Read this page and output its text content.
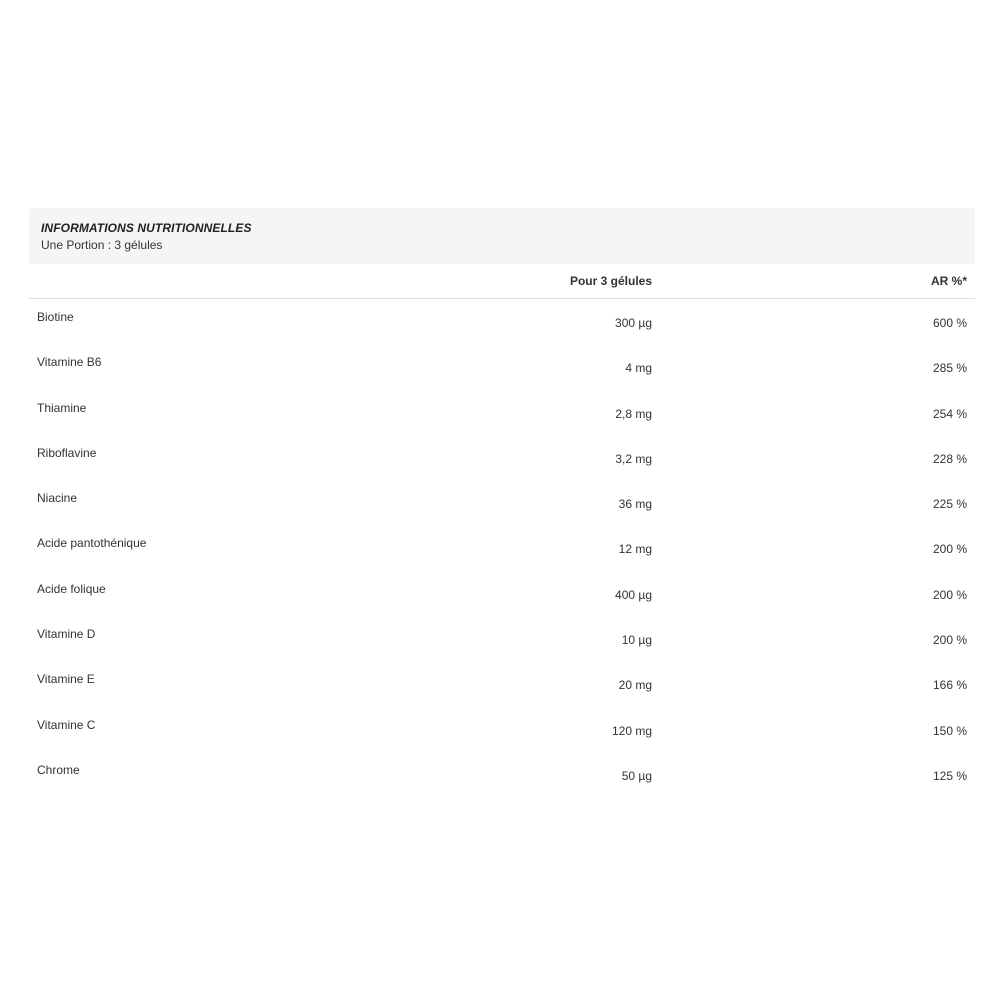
INFORMATIONS NUTRITIONNELLES
Une Portion : 3 gélules
Pour 3 gélules	AR %*
Biotine	300 µg	600 %
Vitamine B6	4 mg	285 %
Thiamine	2,8 mg	254 %
Riboflavine	3,2 mg	228 %
Niacine	36 mg	225 %
Acide pantothénique	12 mg	200 %
Acide folique	400 µg	200 %
Vitamine D	10 µg	200 %
Vitamine E	20 mg	166 %
Vitamine C	120 mg	150 %
Chrome	50 µg	125 %
